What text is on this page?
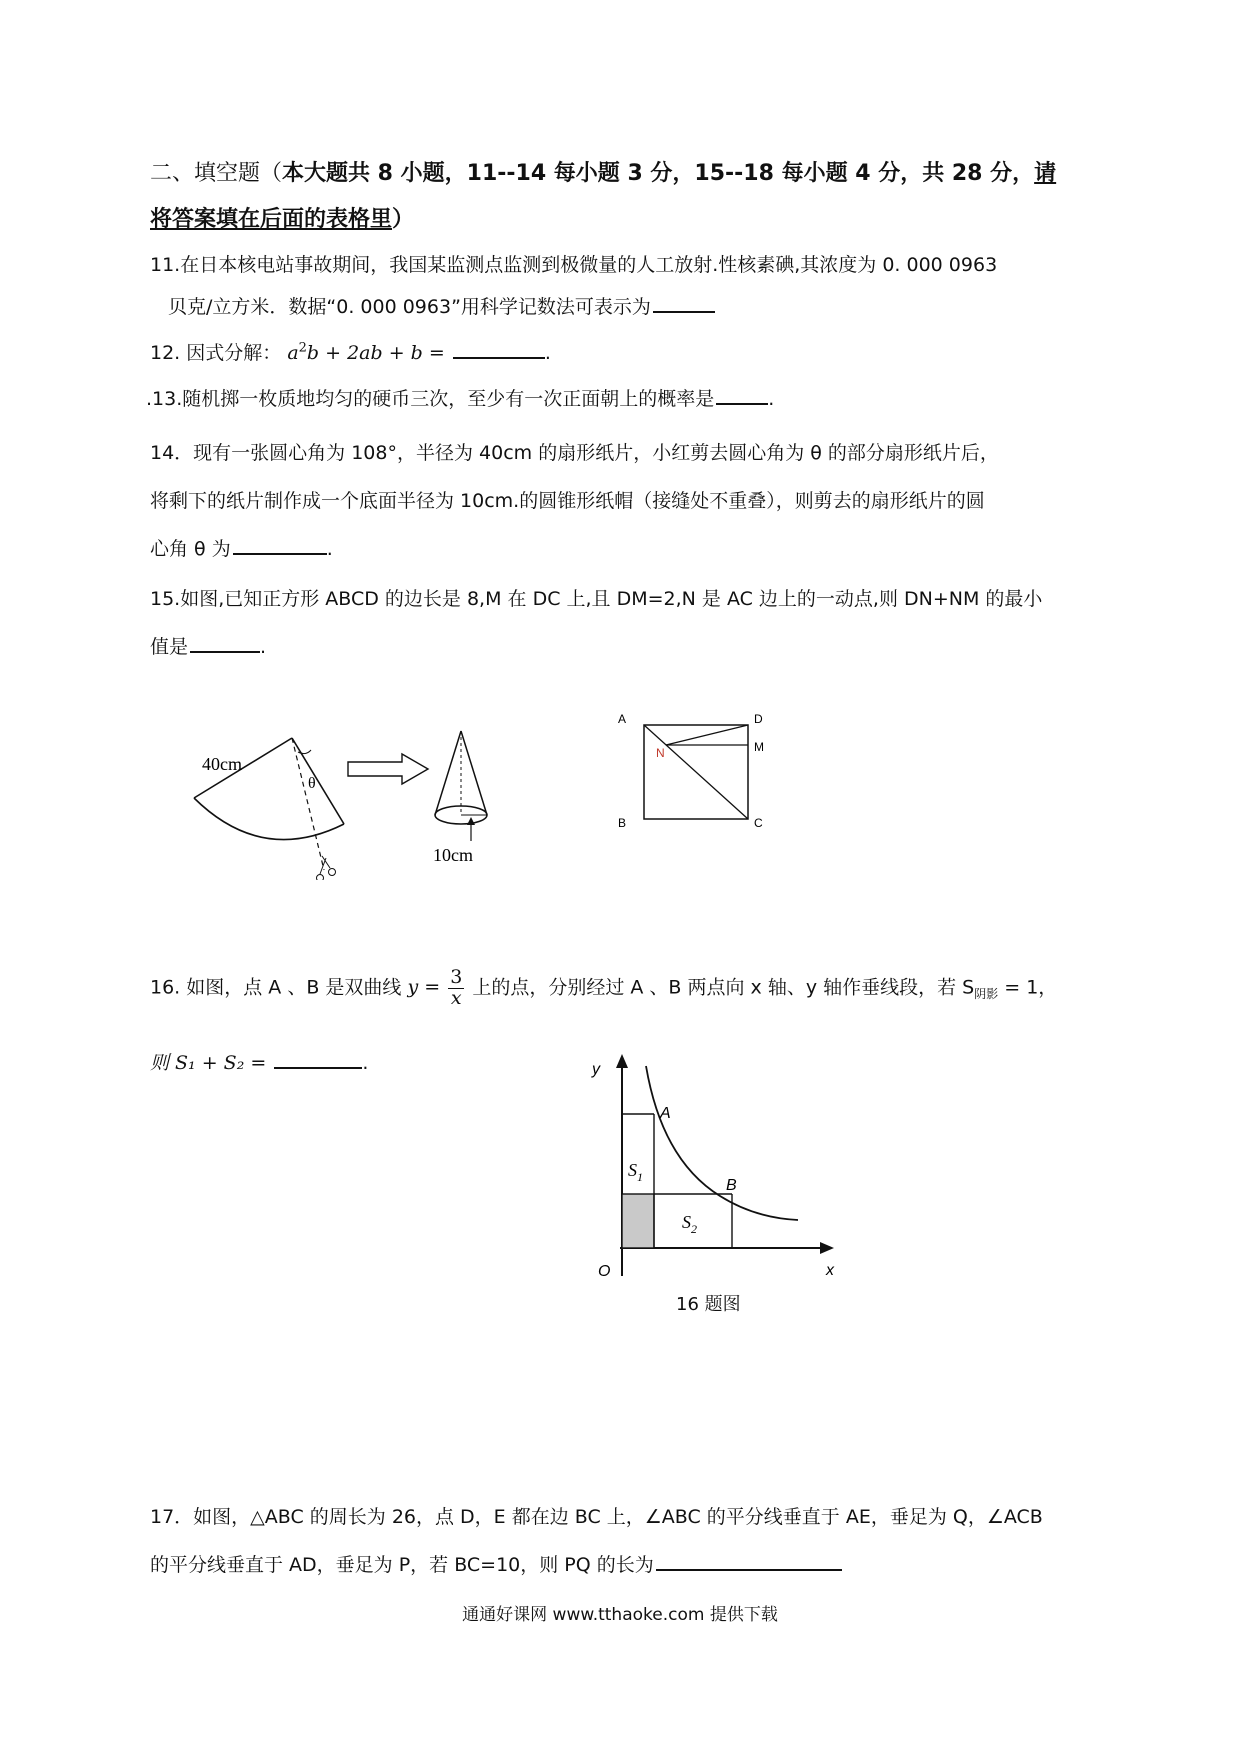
二、填空题（本大题共 8 小题，11--14 每小题 3 分，15--18 每小题 4 分，共 28 分，请
将答案填在后面的表格里）
11.在日本核电站事故期间，我国某监测点监测到极微量的人工放射.性核素碘,其浓度为 0. 000 0963
贝克/立方米．数据“0. 000 0963”用科学记数法可表示为
12. 因式分解： $a^2b + 2ab + b$ =	.
.13.随机掷一枚质地均匀的硬币三次，至少有一次正面朝上的概率是	.
14．现有一张圆心角为 108°，半径为 40cm 的扇形纸片，小红剪去圆心角为 θ 的部分扇形纸片后，
将剩下的纸片制作成一个底面半径为 10cm.的圆锥形纸帽（接缝处不重叠），则剪去的扇形纸片的圆
心角 θ 为	.
15.如图,已知正方形 ABCD 的边长是 8,M 在 DC 上,且 DM=2,N 是 AC 边上的一动点,则 DN+NM 的最小
值是	.
40cm
θ
10cm
A	D
M
N
B	C
16. 如图，点 A 、B 是双曲线 $y = \frac{3}{x}$ 上的点，分别经过 A 、B 两点向 x 轴、y 轴作垂线段，若 $S_{阴影} = 1$，
则 S₁ + S₂ =	.	y
x
O
A
B
$S_1$
$S_2$
16 题图
17．如图，△ABC 的周长为 26，点 D，E 都在边 BC 上，∠ABC 的平分线垂直于 AE，垂足为 Q，∠ACB
的平分线垂直于 AD，垂足为 P，若 BC=10，则 PQ 的长为
通通好课网 www.tthaoke.com 提供下载
